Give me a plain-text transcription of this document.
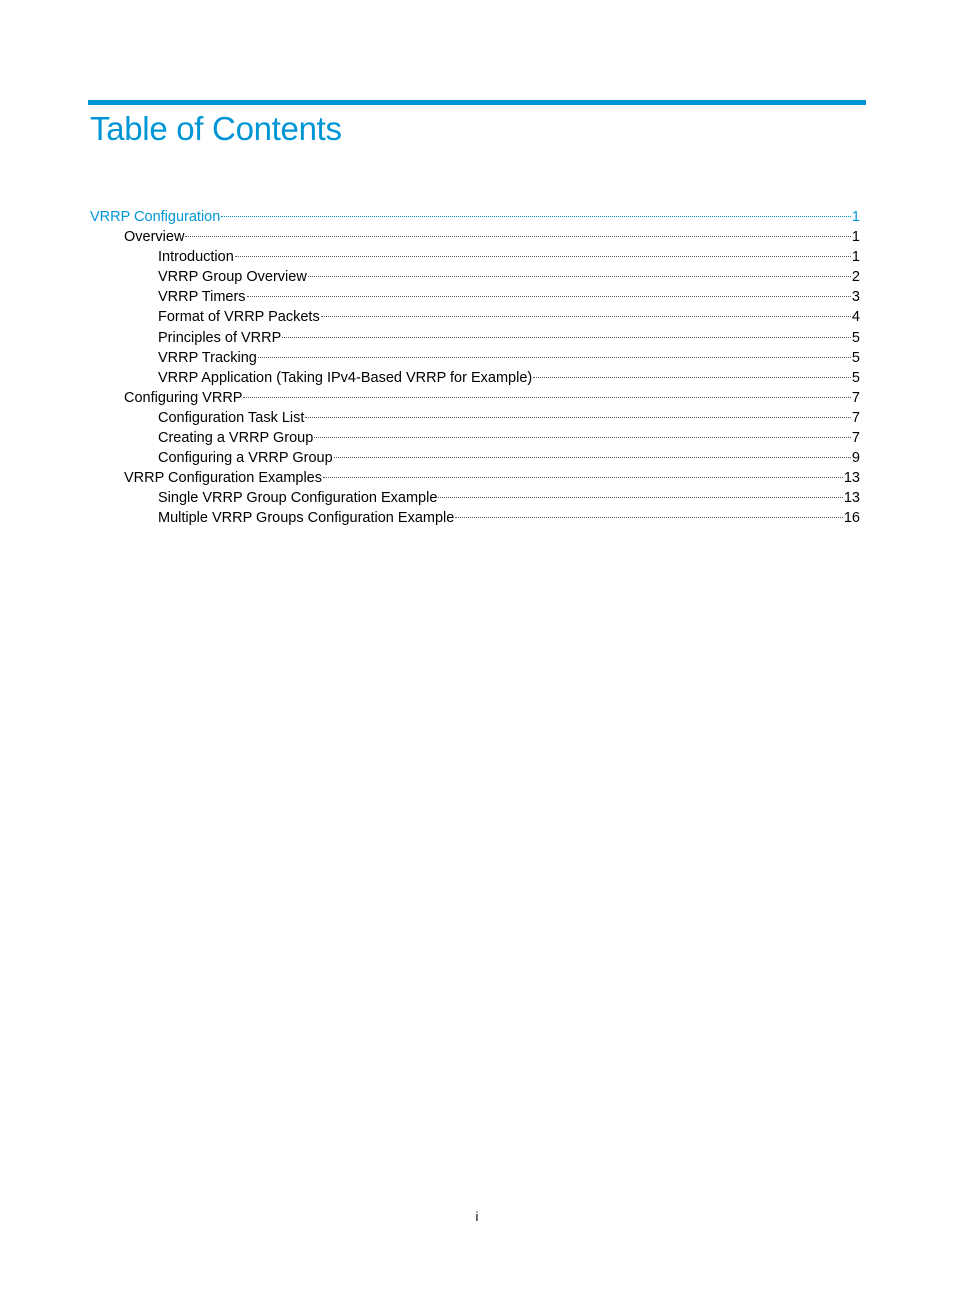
Table of Contents
VRRP Configuration	1
Overview	1
Introduction	1
VRRP Group Overview	2
VRRP Timers	3
Format of VRRP Packets	4
Principles of VRRP	5
VRRP Tracking	5
VRRP Application (Taking IPv4-Based VRRP for Example)	5
Configuring VRRP	7
Configuration Task List	7
Creating a VRRP Group	7
Configuring a VRRP Group	9
VRRP Configuration Examples	13
Single VRRP Group Configuration Example	13
Multiple VRRP Groups Configuration Example	16
i
